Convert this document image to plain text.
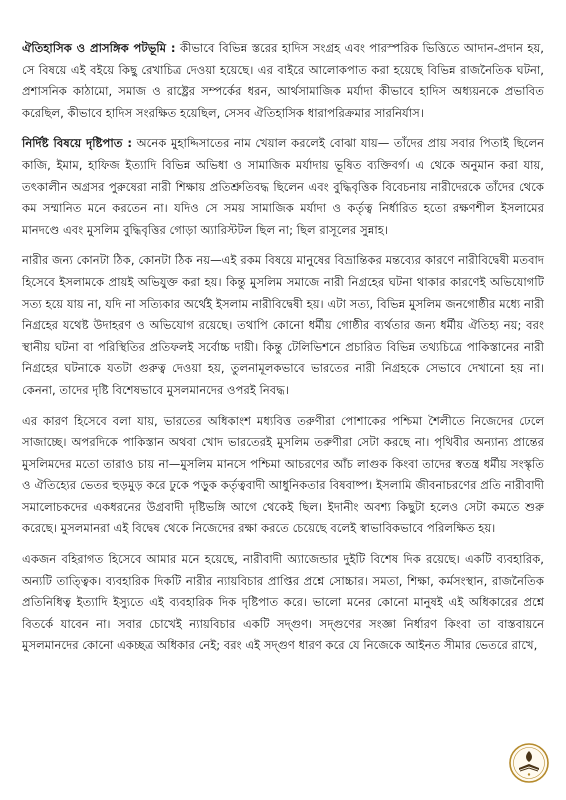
ঐতিহাসিক ও প্রাসঙ্গিক পটভূমি : কীভাবে বিভিন্ন স্তরের হাদিস সংগ্রহ এবং পারস্পরিক ভিত্তিতে আদান-প্রদান হয়, সে বিষয়ে এই বইয়ে কিছু রেখাচিত্র দেওয়া হয়েছে। এর বাইরে আলোকপাত করা হয়েছে বিভিন্ন রাজনৈতিক ঘটনা, প্রশাসনিক কাঠামো, সমাজ ও রাষ্ট্রের সম্পর্কের ধরন, আর্থসামাজিক মর্যাদা কীভাবে হাদিস অধ্যয়নকে প্রভাবিত করেছিল, কীভাবে হাদিস সংরক্ষিত হয়েছিল, সেসব ঐতিহাসিক ধারাপরিক্রমার সারনির্যাস।

নির্দিষ্ট বিষয়ে দৃষ্টিপাত : অনেক মুহাদ্দিসাতের নাম খেয়াল করলেই বোঝা যায়— তাঁদের প্রায় সবার পিতাই ছিলেন কাজি, ইমাম, হাফিজ ইত্যাদি বিভিন্ন অভিধা ও সামাজিক মর্যাদায় ভূষিত ব্যক্তিবর্গ। এ থেকে অনুমান করা যায়, তৎকালীন অগ্রসর পুরুষেরা নারী শিক্ষায় প্রতিশ্রুতিবদ্ধ ছিলেন এবং বুদ্ধিবৃত্তিক বিবেচনায় নারীদেরকে তাঁদের থেকে কম সম্মানিত মনে করতেন না। যদিও সে সময় সামাজিক মর্যাদা ও কর্তৃত্ব নির্ধারিত হতো রক্ষণশীল ইসলামের মানদণ্ডে এবং মুসলিম বুদ্ধিবৃত্তির গোড়া অ্যারিস্টটল ছিল না; ছিল রাসূলের সুন্নাহ।

নারীর জন্য কোনটা ঠিক, কোনটা ঠিক নয়—এই রকম বিষয়ে মানুষের বিভ্রান্তিকর মন্তব্যের কারণে নারীবিদ্বেষী মতবাদ হিসেবে ইসলামকে প্রায়ই অভিযুক্ত করা হয়। কিন্তু মুসলিম সমাজে নারী নিগ্রহের ঘটনা থাকার কারণেই অভিযোগটি সত্য হয়ে যায় না, যদি না সত্যিকার অর্থেই ইসলাম নারীবিদ্বেষী হয়। এটা সত্য, বিভিন্ন মুসলিম জনগোষ্ঠীর মধ্যে নারী নিগ্রহের যথেষ্ট উদাহরণ ও অভিযোগ রয়েছে। তথাপি কোনো ধর্মীয় গোষ্ঠীর ব্যর্থতার জন্য ধর্মীয় ঐতিহ্য নয়; বরং স্থানীয় ঘটনা বা পরিস্থিতির প্রতিফলই সর্বোচ্চ দায়ী। কিন্তু টেলিভিশনে প্রচারিত বিভিন্ন তথ্যচিত্রে পাকিস্তানের নারী নিগ্রহের ঘটনাকে যতটা গুরুত্ব দেওয়া হয়, তুলনামূলকভাবে ভারতের নারী নিগ্রহকে সেভাবে দেখানো হয় না। কেননা, তাদের দৃষ্টি বিশেষভাবে মুসলমানদের ওপরই নিবদ্ধ।

এর কারণ হিসেবে বলা যায়, ভারতের অধিকাংশ মধ্যবিত্ত তরুণীরা পোশাকের পশ্চিমা শৈলীতে নিজেদের ঢেলে সাজাচ্ছে। অপরদিকে পাকিস্তান অথবা খোদ ভারতেরই মুসলিম তরুণীরা সেটা করছে না। পৃথিবীর অন্যান্য প্রান্তের মুসলিমদের মতো তারাও চায় না—মুসলিম মানসে পশ্চিমা আচরণের আঁচ লাগুক কিংবা তাদের স্বতন্ত্র ধর্মীয় সংস্কৃতি ও ঐতিহ্যের ভেতর হুড়মুড় করে ঢুকে পড়ুক কর্তৃত্ববাদী আধুনিকতার বিষবাষ্প। ইসলামি জীবনাচরণের প্রতি নারীবাদী সমালোচকদের একধরনের উগ্রবাদী দৃষ্টিভঙ্গি আগে থেকেই ছিল। ইদানীং অবশ্য কিছুটা হলেও সেটা কমতে শুরু করেছে। মুসলমানরা এই বিদ্বেষ থেকে নিজেদের রক্ষা করতে চেয়েছে বলেই স্বাভাবিকভাবে পরিলক্ষিত হয়।

একজন বহিরাগত হিসেবে আমার মনে হয়েছে, নারীবাদী অ্যাজেন্ডার দুইটি বিশেষ দিক রয়েছে। একটি ব্যবহারিক, অন্যটি তাত্ত্বিক। ব্যবহারিক দিকটি নারীর ন্যায়বিচার প্রাপ্তির প্রশ্নে সোচ্চার। সমতা, শিক্ষা, কর্মসংস্থান, রাজনৈতিক প্রতিনিধিত্ব ইত্যাদি ইস্যুতে এই ব্যবহারিক দিক দৃষ্টিপাত করে। ভালো মনের কোনো মানুষই এই অধিকারের প্রশ্নে বিতর্কে যাবেন না। সবার চোখেই ন্যায়বিচার একটি সদ্গুণ। সদ্গুণের সংজ্ঞা নির্ধারণ কিংবা তা বাস্তবায়নে মুসলমানদের কোনো একচ্ছত্র অধিকার নেই; বরং এই সদ্গুণ ধারণ করে যে নিজেকে আইনত সীমার ভেতরে রাখে,
